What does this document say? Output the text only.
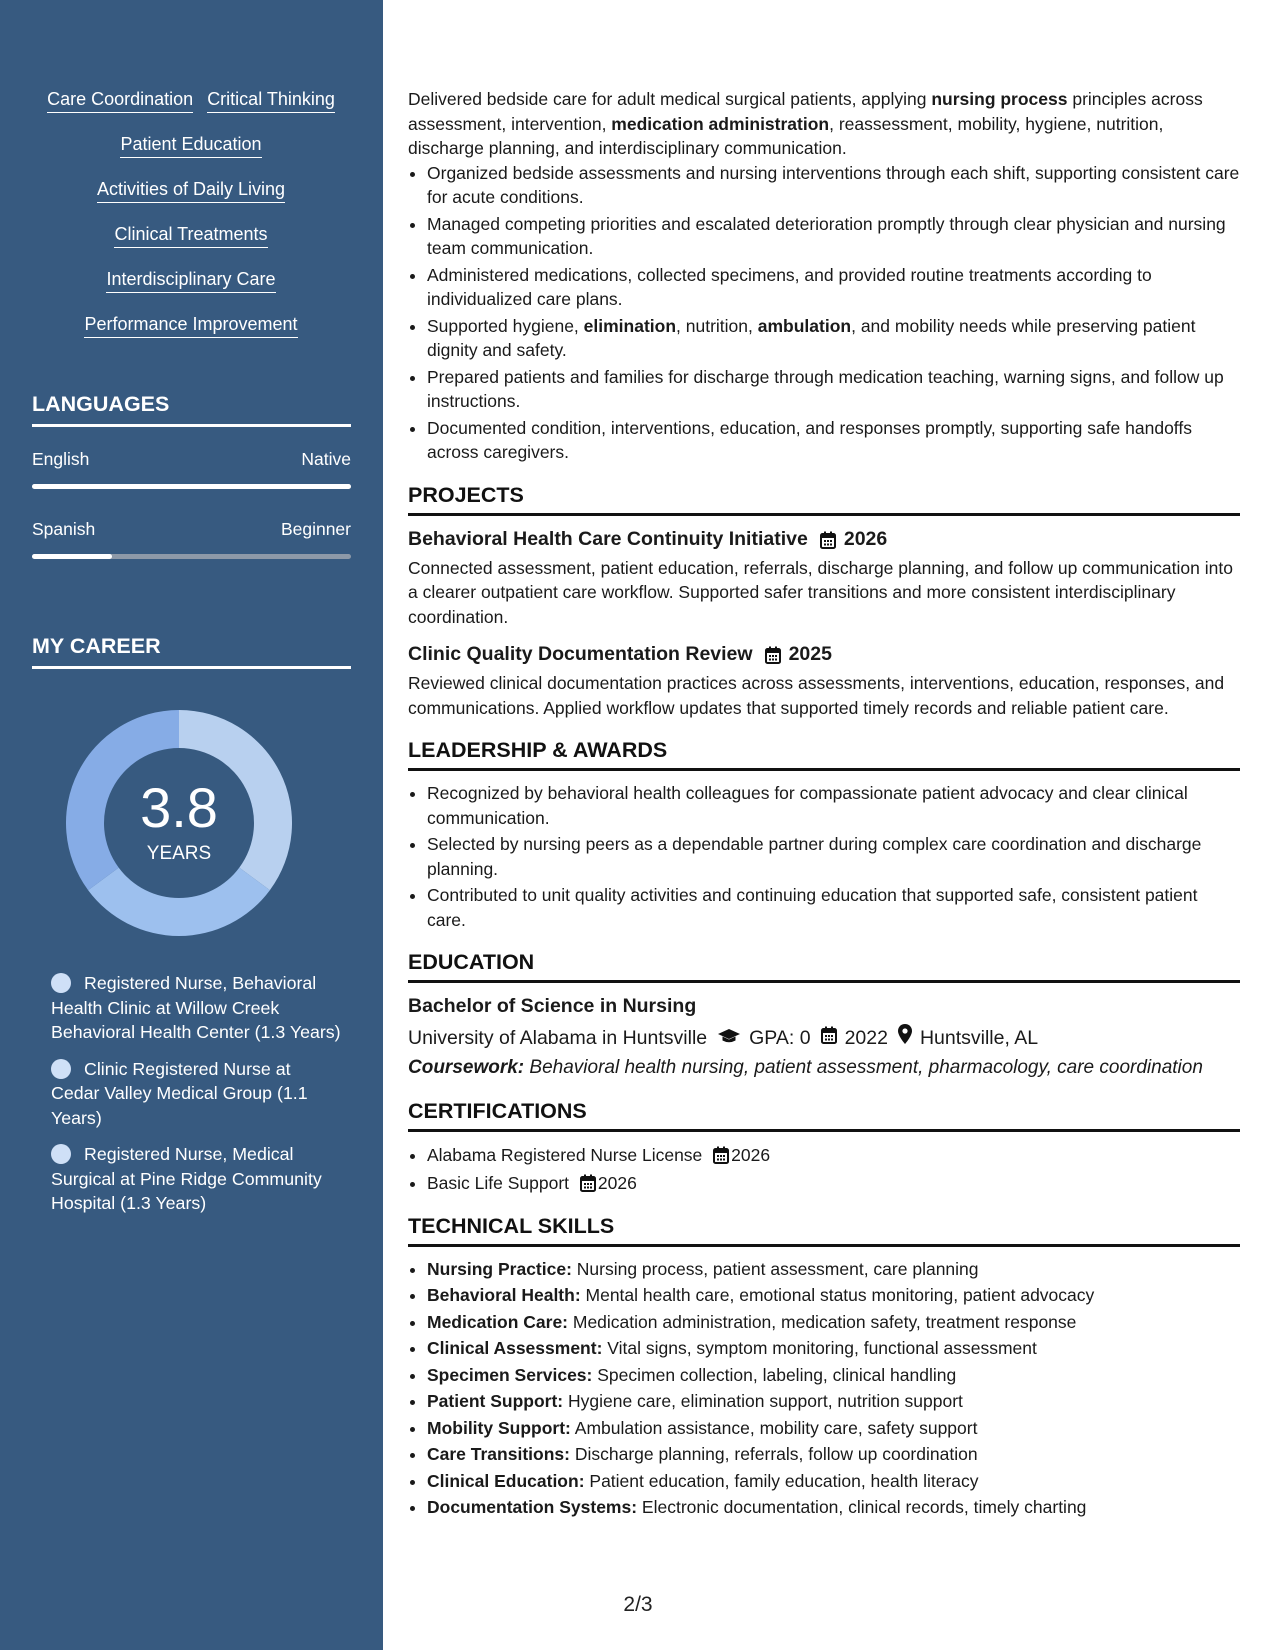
Care Coordination Critical Thinking
Patient Education
Activities of Daily Living
Clinical Treatments
Interdisciplinary Care
Performance Improvement
LANGUAGES
English	Native
Spanish	Beginner
MY CAREER
3.8
YEARS
Registered Nurse, Behavioral Health Clinic at Willow Creek Behavioral Health Center (1.3 Years)
Clinic Registered Nurse at Cedar Valley Medical Group (1.1 Years)
Registered Nurse, Medical Surgical at Pine Ridge Community Hospital (1.3 Years)

Delivered bedside care for adult medical surgical patients, applying nursing process principles across assessment, intervention, medication administration, reassessment, mobility, hygiene, nutrition, discharge planning, and interdisciplinary communication.

• Organized bedside assessments and nursing interventions through each shift, supporting consistent care for acute conditions.
• Managed competing priorities and escalated deterioration promptly through clear physician and nursing team communication.
• Administered medications, collected specimens, and provided routine treatments according to individualized care plans.
• Supported hygiene, elimination, nutrition, ambulation, and mobility needs while preserving patient dignity and safety.
• Prepared patients and families for discharge through medication teaching, warning signs, and follow up instructions.
• Documented condition, interventions, education, and responses promptly, supporting safe handoffs across caregivers.
PROJECTS
Behavioral Health Care Continuity Initiative 2026

Connected assessment, patient education, referrals, discharge planning, and follow up communication into a clearer outpatient care workflow. Supported safer transitions and more consistent interdisciplinary coordination.

Clinic Quality Documentation Review 2025

Reviewed clinical documentation practices across assessments, interventions, education, responses, and communications. Applied workflow updates that supported timely records and reliable patient care.

LEADERSHIP & AWARDS
• Recognized by behavioral health colleagues for compassionate patient advocacy and clear clinical communication.
• Selected by nursing peers as a dependable partner during complex care coordination and discharge planning.
• Contributed to unit quality activities and continuing education that supported safe, consistent patient care.
EDUCATION
Bachelor of Science in Nursing
University of Alabama in Huntsville GPA: 0 2022 Huntsville, AL
Coursework: Behavioral health nursing, patient assessment, pharmacology, care coordination
CERTIFICATIONS
• Alabama Registered Nurse License 2026
• Basic Life Support 2026
TECHNICAL SKILLS
• Nursing Practice: Nursing process, patient assessment, care planning
• Behavioral Health: Mental health care, emotional status monitoring, patient advocacy
• Medication Care: Medication administration, medication safety, treatment response
• Clinical Assessment: Vital signs, symptom monitoring, functional assessment
• Specimen Services: Specimen collection, labeling, clinical handling
• Patient Support: Hygiene care, elimination support, nutrition support
• Mobility Support: Ambulation assistance, mobility care, safety support
• Care Transitions: Discharge planning, referrals, follow up coordination
• Clinical Education: Patient education, family education, health literacy
• Documentation Systems: Electronic documentation, clinical records, timely charting
2/3
